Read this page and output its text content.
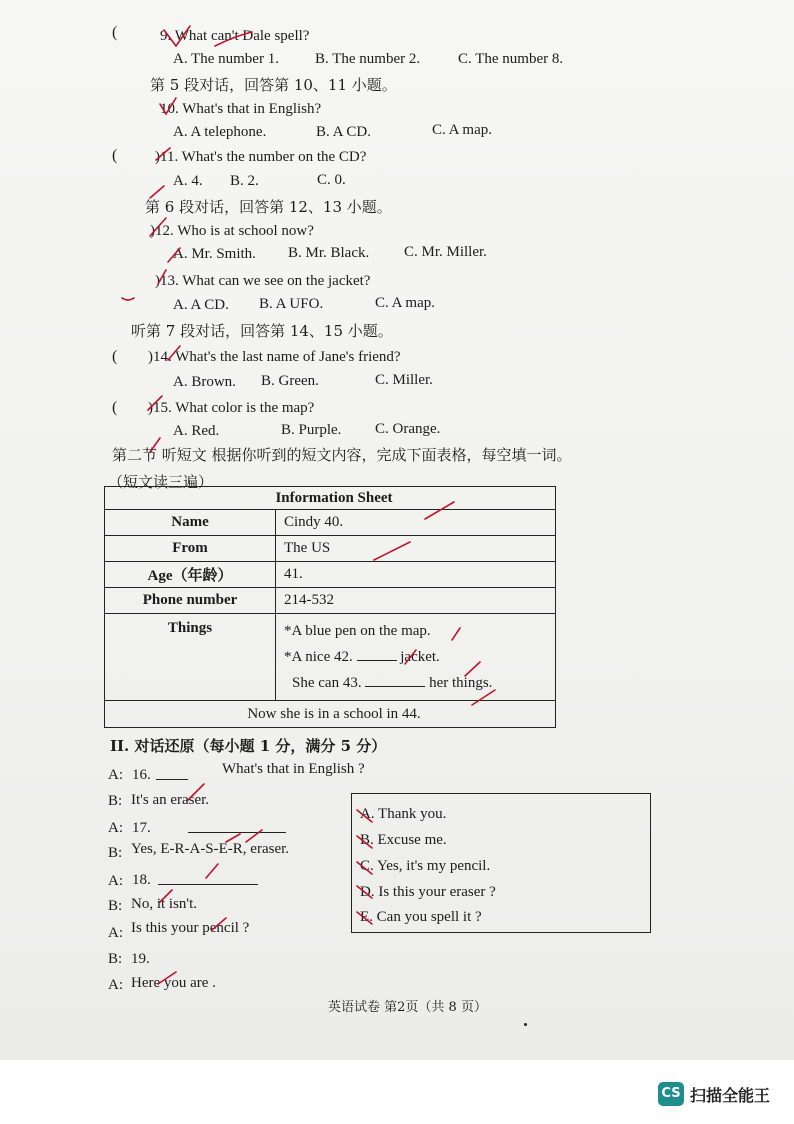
(	9. What can't Dale spell?
A. The number 1. B. The number 2.	C. The number 8.
第 5 段对话，回答第 10、11 小题。
10. What's that in English?
A. A telephone.	B. A CD.	C. A map.
(	)11. What's the number on the CD?
A. 4. B. 2.	C. 0.
第 6 段对话，回答第 12、13 小题。
)12. Who is at school now?
A. Mr. Smith. B. Mr. Black. C. Mr. Miller.
)13. What can we see on the jacket?
A. A CD. B. A UFO.	C. A map.
听第 7 段对话，回答第 14、15 小题。
( )14. What's the last name of Jane's friend?
A. Brown. B. Green.	C. Miller.
( )15. What color is the map?
A. Red.	B. Purple. C. Orange.
第二节 听短文 根据你听到的短文内容，完成下面表格，每空填一词。
（短文读三遍）
Information Sheet	
Name	Cindy 40.
From	The US
Age（年龄）	41.
Phone number	214-532
Things	*A blue pen on the map.
*A nice 42. jacket.
She can 43. her things.

Now she is in a school in 44.	
II. 对话还原（每小题 1 分，满分 5 分）
A: 16.	What's that in English ?
B: It's an eraser.
A: 17.
B: Yes, E-R-A-S-E-R, eraser.
A: 18.
B: No, it isn't.
A: Is this your pencil ?
B: 19.
A: Here you are .
A. Thank you.
B. Excuse me.
C. Yes, it's my pencil.
D. Is this your eraser ?
E. Can you spell it ?
英语试卷 第2页（共 8 页）
CS 扫描全能王
